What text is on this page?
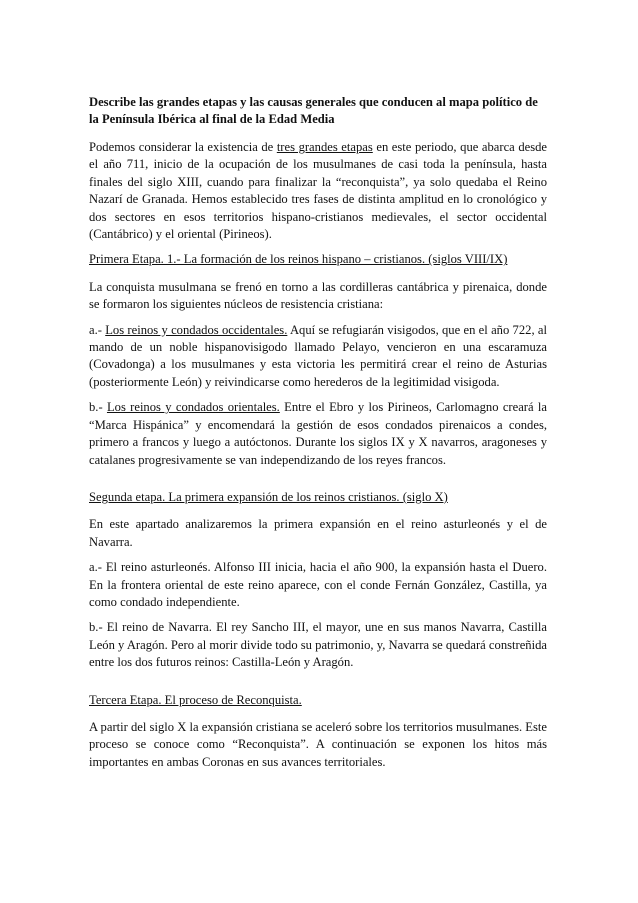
Describe las grandes etapas y las causas generales que conducen al mapa político de la Península Ibérica al final de la Edad Media

Podemos considerar la existencia de tres grandes etapas en este periodo, que abarca desde el año 711, inicio de la ocupación de los musulmanes de casi toda la península, hasta finales del siglo XIII, cuando para finalizar la “reconquista”, ya solo quedaba el Reino Nazarí de Granada. Hemos establecido tres fases de distinta amplitud en lo cronológico y dos sectores en esos territorios hispano-cristianos medievales, el sector occidental (Cantábrico) y el oriental (Pirineos).

Primera Etapa. 1.- La formación de los reinos hispano – cristianos. (siglos VIII/IX)

La conquista musulmana se frenó en torno a las cordilleras cantábrica y pirenaica, donde se formaron los siguientes núcleos de resistencia cristiana:

a.- Los reinos y condados occidentales. Aquí se refugiarán visigodos, que en el año 722, al mando de un noble hispanovisigodo llamado Pelayo, vencieron en una escaramuza (Covadonga) a los musulmanes y esta victoria les permitirá crear el reino de Asturias (posteriormente León) y reivindicarse como herederos de la legitimidad visigoda.

b.- Los reinos y condados orientales. Entre el Ebro y los Pirineos, Carlomagno creará la “Marca Hispánica” y encomendará la gestión de esos condados pirenaicos a condes, primero a francos y luego a autóctonos. Durante los siglos IX y X navarros, aragoneses y catalanes progresivamente se van independizando de los reyes francos.

Segunda etapa. La primera expansión de los reinos cristianos. (siglo X)

En este apartado analizaremos la primera expansión en el reino asturleonés y el de Navarra.

a.- El reino asturleonés. Alfonso III inicia, hacia el año 900, la expansión hasta el Duero. En la frontera oriental de este reino aparece, con el conde Fernán González, Castilla, ya como condado independiente.

b.- El reino de Navarra. El rey Sancho III, el mayor, une en sus manos Navarra, Castilla León y Aragón. Pero al morir divide todo su patrimonio, y, Navarra se quedará constreñida entre los dos futuros reinos: Castilla-León y Aragón.

Tercera Etapa. El proceso de Reconquista.

A partir del siglo X la expansión cristiana se aceleró sobre los territorios musulmanes. Este proceso se conoce como “Reconquista”. A continuación se exponen los hitos más importantes en ambas Coronas en sus avances territoriales.
